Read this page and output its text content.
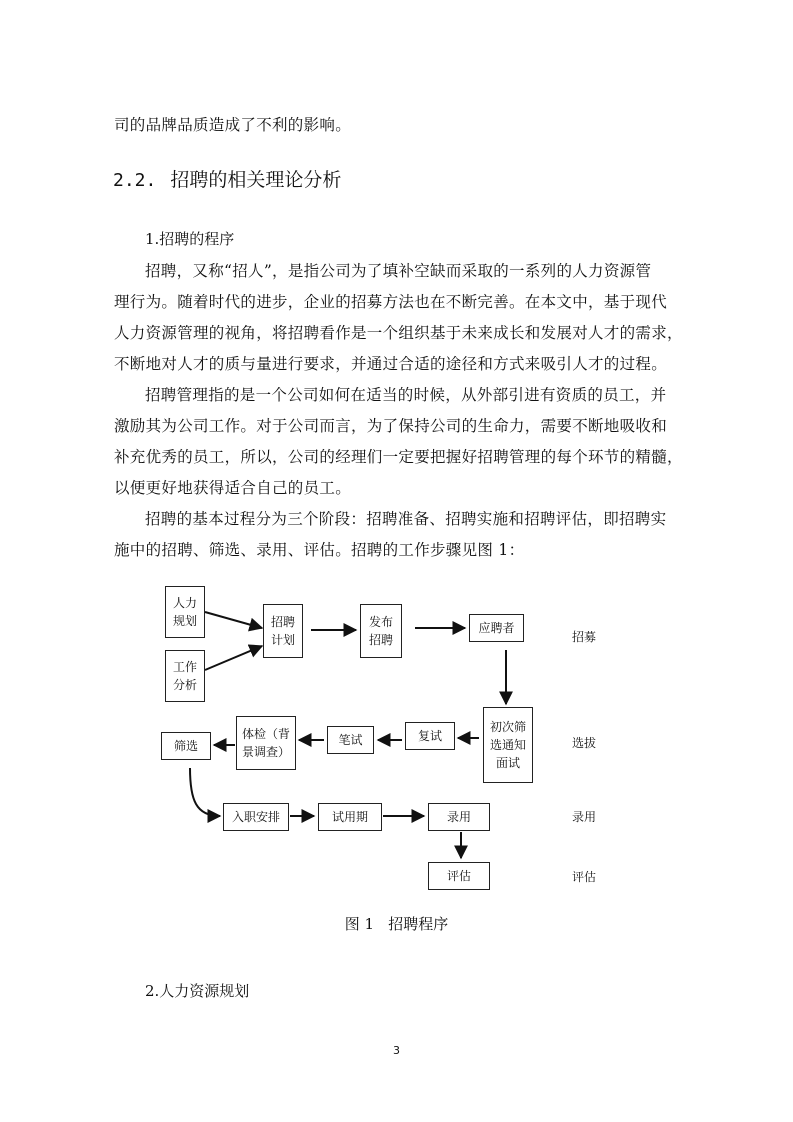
司的品牌品质造成了不利的影响。
2.2. 招聘的相关理论分析
1.招聘的程序
招聘，又称“招人”，是指公司为了填补空缺而采取的一系列的人力资源管
理行为。随着时代的进步，企业的招募方法也在不断完善。在本文中，基于现代
人力资源管理的视角，将招聘看作是一个组织基于未来成长和发展对人才的需求，
不断地对人才的质与量进行要求，并通过合适的途径和方式来吸引人才的过程。
招聘管理指的是一个公司如何在适当的时候，从外部引进有资质的员工，并
激励其为公司工作。对于公司而言，为了保持公司的生命力，需要不断地吸收和
补充优秀的员工，所以，公司的经理们一定要把握好招聘管理的每个环节的精髓，
以便更好地获得适合自己的员工。
招聘的基本过程分为三个阶段：招聘准备、招聘实施和招聘评估，即招聘实
施中的招聘、筛选、录用、评估。招聘的工作步骤见图 1：
人力
规划
工作
分析
招聘
计划
发布
招聘
应聘者
初次筛
选通知
面试
复试
笔试
体检（背
景调查）
筛选
入职安排	试用期	录用
评估
招募
选拔
录用
评估
图 1   招聘程序
2.人力资源规划
3
